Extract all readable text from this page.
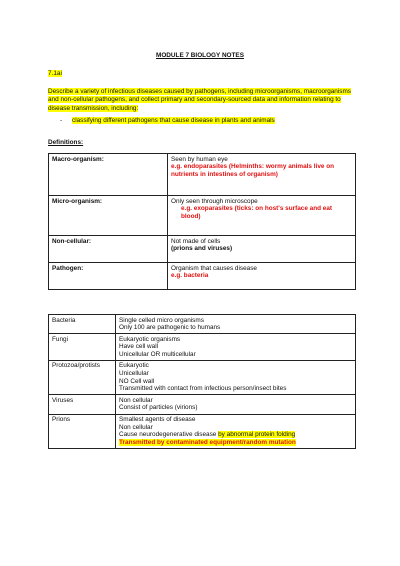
MODULE 7 BIOLOGY NOTES
7.1ai
Describe a variety of infectious diseases caused by pathogens, including microorganisms, macroorganisms and non-cellular pathogens, and collect primary and secondary-sourced data and information relating to disease transmission, including:
- classifying different pathogens that cause disease in plants and animals
Definitions:
Macro-organism:	Seen by human eye
e.g. endoparasites (Helminths: wormy animals live on nutrients in intestines of organism)

Micro-organism:	Only seen through microscope
e.g. exoparasites (ticks: on host's surface and eat blood)

Non-cellular:	Not made of cells
(prions and viruses)

Pathogen:	Organism that causes disease
e.g. bacteria
Bacteria	Single celled micro organisms
Only 100 are pathogenic to humans

Fungi	Eukaryotic organisms
Have cell wall
Unicellular OR multicellular

Protozoa/protists	Eukaryotic
Unicellular
NO Cell wall
Transmitted with contact from infectious person/insect bites

Viruses	Non cellular
Consist of particles (virions)

Prions	Smallest agents of disease
Non cellular
Cause neurodegenerative disease by abnormal protein folding
Transmitted by contaminated equipment/random mutation
